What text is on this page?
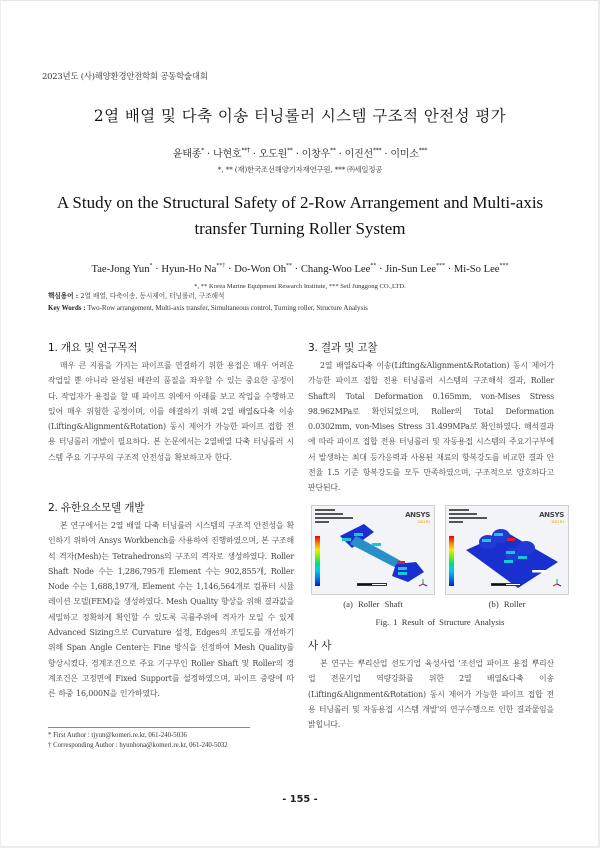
2023년도 (사)해양환경안전학회 공동학술대회
2열 배열 및 다축 이송 터닝롤러 시스템 구조적 안전성 평가
윤태종* · 나현호**† · 오도원** · 이창우** · 이진선*** · 이미소***
*, ** (재)한국조선해양기자재연구원, *** ㈜세일정공
A Study on the Structural Safety of 2-Row Arrangement and Multi-axis
transfer Turning Roller System
Tae-Jong Yun* · Hyun-Ho Na**† · Do-Won Oh** · Chang-Woo Lee** · Jin-Sun Lee*** · Mi-So Lee***
*, ** Korea Marine Equipment Research Institute, *** Seil Junggong CO.,LTD.
핵심용어 : 2열 배열, 다축이송, 동시제어, 터닝롤러, 구조해석
Key Words : Two-Row arrangement, Multi-axis transfer, Simultaneous control, Turning roller, Structure Analysis
1. 개요 및 연구목적
매우 큰 지름을 가지는 파이프를 연결하기 위한 용접은 매우 어려운 작업일 뿐 아니라 완성된 배관의 품질을 좌우할 수 있는 중요한 공정이다. 작업자가 용접을 할 때 파이프 위에서 아래를 보고 작업을 수행하고 있어 매우 위험한 공정이며, 이를 해결하기 위해 2열 배열&다축 이송 (Lifting&Alignment&Rotation) 동시 제어가 가능한 파이프 접합 전용 터닝롤러 개발이 필요하다. 본 논문에서는 2열배열 다축 터닝롤러 시스템 주요 기구부의 구조적 안전성을 확보하고자 한다.
2. 유한요소모델 개발
본 연구에서는 2열 배열 다축 터닝롤러 시스템의 구조적 안전성을 확인하기 위하여 Ansys Workbench를 사용하여 진행하였으며, 본 구조해석 격자(Mesh)는 Tetrahedrons의 구조의 격자로 생성하였다. Roller Shaft Node 수는 1,286,795개 Element 수는 902,855개, Roller Node 수는 1,688,197개, Element 수는 1,146,564개로 컴퓨터 시뮬레이션 모델(FEM)을 생성하였다. Mesh Quality 향상을 위해 결과값을 세밀하고 정확하게 확인할 수 있도록 곡률주위에 격자가 모일 수 있게 Advanced Sizing으로 Curvature 설정, Edges의 조밀도를 개선하기 위해 Span Angle Center는 Fine 방식을 선정하여 Mesh Quality를 향상시켰다. 경계조건으로 주요 기구부인 Roller Shaft 및 Roller의 경계조건은 고정면에 Fixed Support를 설정하였으며, 파이프 중량에 따른 하중 16,000N을 인가하였다.
3. 결과 및 고찰
2열 배열&다축 이송(Lifting&Alignment&Rotation) 동시 제어가 가능한 파이프 접합 전용 터닝롤러 시스템의 구조해석 결과, Roller Shaft의 Total Deformation 0.165mm, von-Mises Stress 98.962MPa로 확인되었으며, Roller의 Total Deformation 0.0302mm, von-Mises Stress 31.499MPa로 확인하였다. 해석결과에 따라 파이프 접합 전용 터닝롤러 및 자동용접 시스템의 주요기구부에서 발생하는 최대 등가응력과 사용된 재료의 항복강도를 비교한 결과 안전율 1.5 기준 항복강도를 모두 만족하였으며, 구조적으로 양호하다고 판단된다.
ANSYS
2021 R1
(a) Roller Shaft
ANSYS
2021 R1
(b) Roller
Fig. 1 Result of Structure Analysis
사 사
본 연구는 뿌리산업 선도기업 육성사업 '조선업 파이프 용접 뿌리산업 전문기업 역량강화를 위한 2열 배열&다축 이송(Lifting&Alignment&Rotation) 동시 제어가 가능한 파이프 접합 전용 터닝롤러 및 자동용접 시스템 개발'의 연구수행으로 인한 결과물임을 밝힙니다.
* First Author : tjyun@komeri.re.kr, 061-240-5036
† Corresponding Author : hyunhona@komeri.re.kr, 061-240-5032
- 155 -
